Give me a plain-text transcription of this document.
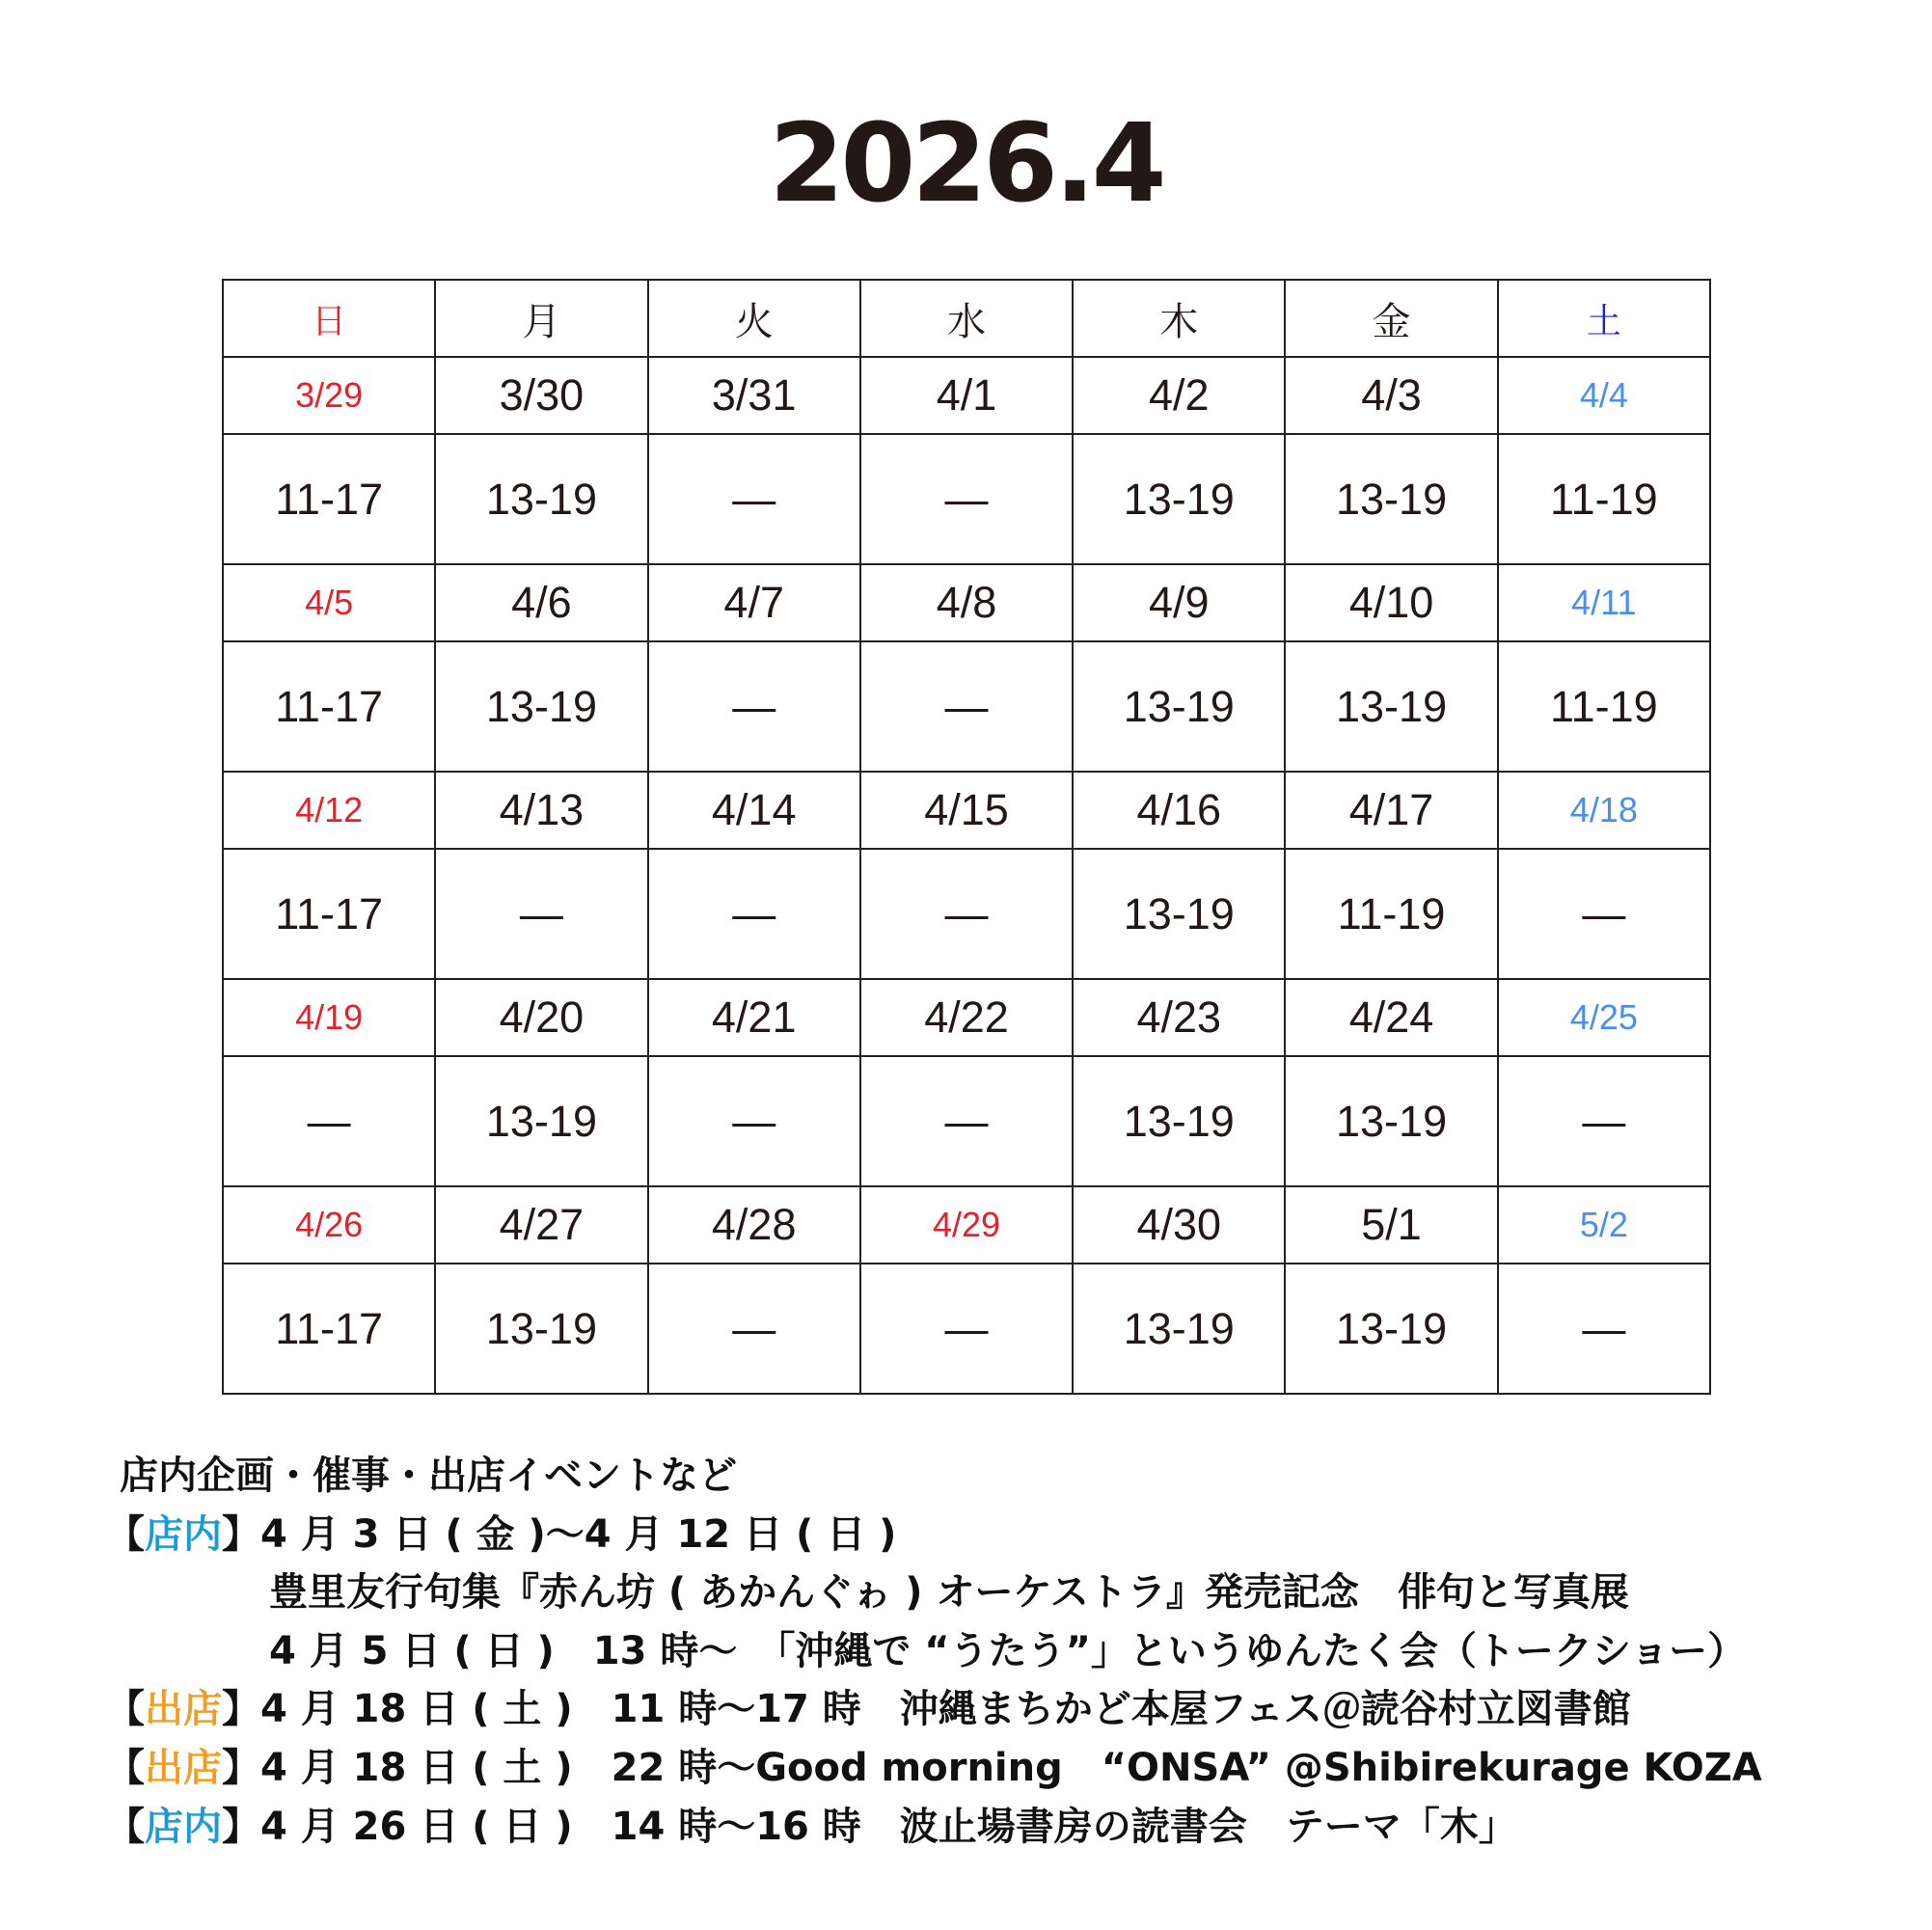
2026.4
日	月	火	水	木	金	土
3/29	3/30	3/31	4/1	4/2	4/3	4/4
11-17	13-19	—	—	13-19	13-19	11-19
4/5	4/6	4/7	4/8	4/9	4/10	4/11
11-17	13-19	—	—	13-19	13-19	11-19
4/12	4/13	4/14	4/15	4/16	4/17	4/18
11-17	—	—	—	13-19	11-19	—
4/19	4/20	4/21	4/22	4/23	4/24	4/25
—	13-19	—	—	13-19	13-19	—
4/26	4/27	4/28	4/29	4/30	5/1	5/2
11-17	13-19	—	—	13-19	13-19	—
店内企画・催事・出店イベントなど
【店内】4 月 3 日 ( 金 )〜4 月 12 日 ( 日 )
豊里友行句集『赤ん坊 ( あかんぐゎ ) オーケストラ』発売記念　俳句と写真展
4 月 5 日 ( 日 )　13 時〜　「沖縄で “うたう”」というゆんたく会（トークショー）
【出店】4 月 18 日 ( 土 )　11 時〜17 時　沖縄まちかど本屋フェス＠読谷村立図書館
【出店】4 月 18 日 ( 土 )　22 時〜Good morning　“ONSA” @Shibirekurage KOZA
【店内】4 月 26 日 ( 日 )　14 時〜16 時　波止場書房の読書会　テーマ「木」
